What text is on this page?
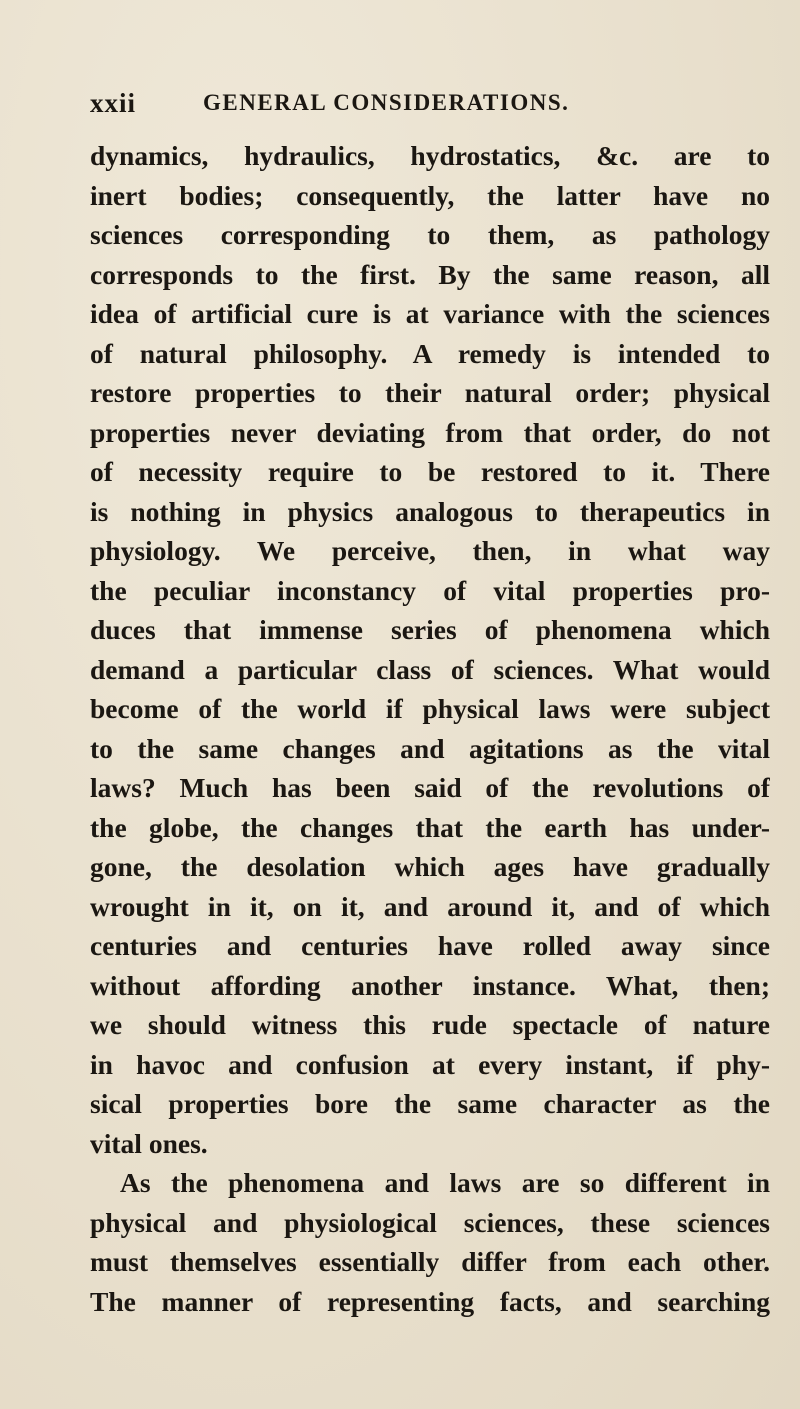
xxii	GENERAL CONSIDERATIONS.
dynamics, hydraulics, hydrostatics, &c. are to
inert bodies; consequently, the latter have no
sciences corresponding to them, as pathology
corresponds to the first. By the same reason, all
idea of artificial cure is at variance with the sciences
of natural philosophy. A remedy is intended to
restore properties to their natural order; physical
properties never deviating from that order, do not
of necessity require to be restored to it. There
is nothing in physics analogous to therapeutics in
physiology. We perceive, then, in what way
the peculiar inconstancy of vital properties pro-
duces that immense series of phenomena which
demand a particular class of sciences. What would
become of the world if physical laws were subject
to the same changes and agitations as the vital
laws? Much has been said of the revolutions of
the globe, the changes that the earth has under-
gone, the desolation which ages have gradually
wrought in it, on it, and around it, and of which
centuries and centuries have rolled away since
without affording another instance. What, then;
we should witness this rude spectacle of nature
in havoc and confusion at every instant, if phy-
sical properties bore the same character as the
vital ones.
As the phenomena and laws are so different in
physical and physiological sciences, these sciences
must themselves essentially differ from each other.
The manner of representing facts, and searching
